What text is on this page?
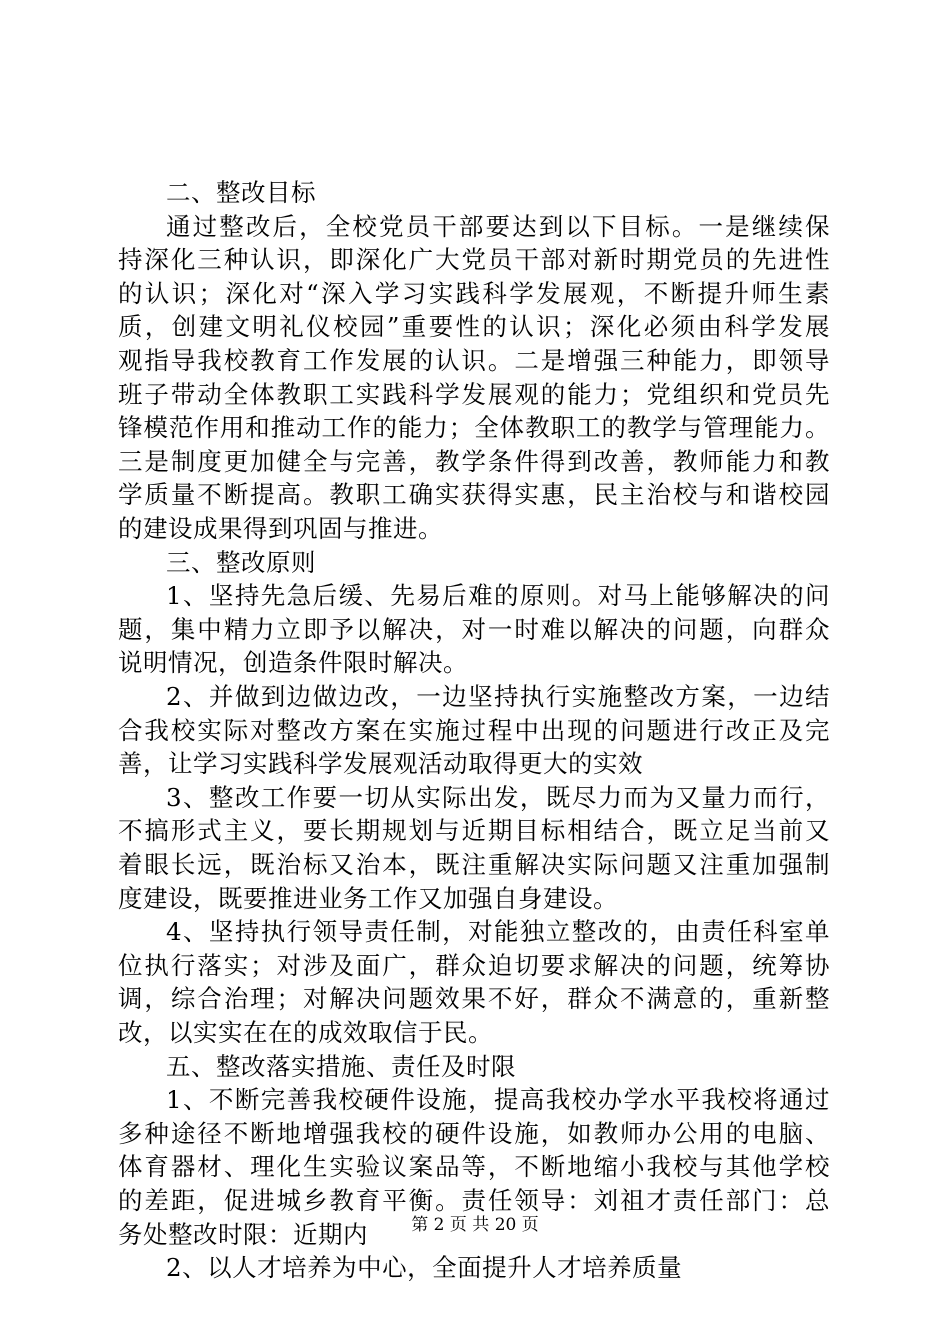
二、整改目标
通过整改后，全校党员干部要达到以下目标。一是继续保
持深化三种认识，即深化广大党员干部对新时期党员的先进性
的认识；深化对“深入学习实践科学发展观，不断提升师生素
质，创建文明礼仪校园”重要性的认识；深化必须由科学发展
观指导我校教育工作发展的认识。二是增强三种能力，即领导
班子带动全体教职工实践科学发展观的能力；党组织和党员先
锋模范作用和推动工作的能力；全体教职工的教学与管理能力。
三是制度更加健全与完善，教学条件得到改善，教师能力和教
学质量不断提高。教职工确实获得实惠，民主治校与和谐校园
的建设成果得到巩固与推进。
三、整改原则
1、坚持先急后缓、先易后难的原则。对马上能够解决的问
题，集中精力立即予以解决，对一时难以解决的问题，向群众
说明情况，创造条件限时解决。
2、并做到边做边改，一边坚持执行实施整改方案，一边结
合我校实际对整改方案在实施过程中出现的问题进行改正及完
善，让学习实践科学发展观活动取得更大的实效
3、整改工作要一切从实际出发，既尽力而为又量力而行，
不搞形式主义，要长期规划与近期目标相结合，既立足当前又
着眼长远，既治标又治本，既注重解决实际问题又注重加强制
度建设，既要推进业务工作又加强自身建设。
4、坚持执行领导责任制，对能独立整改的，由责任科室单
位执行落实；对涉及面广，群众迫切要求解决的问题，统筹协
调，综合治理；对解决问题效果不好，群众不满意的，重新整
改，以实实在在的成效取信于民。
五、整改落实措施、责任及时限
1、不断完善我校硬件设施，提高我校办学水平我校将通过
多种途径不断地增强我校的硬件设施，如教师办公用的电脑、
体育器材、理化生实验议案品等，不断地缩小我校与其他学校
的差距，促进城乡教育平衡。责任领导：刘祖才责任部门：总
务处整改时限：近期内
2、以人才培养为中心，全面提升人才培养质量
第 2 页 共 20 页
